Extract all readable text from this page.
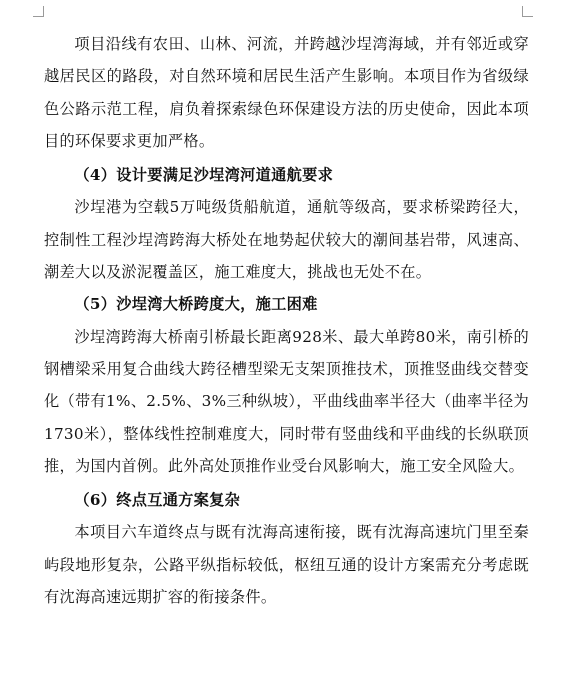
项目沿线有农田、山林、河流，并跨越沙埕湾海域，并有邻近或穿越居民区的路段，对自然环境和居民生活产生影响。本项目作为省级绿色公路示范工程，肩负着探索绿色环保建设方法的历史使命，因此本项目的环保要求更加严格。

（4）设计要满足沙埕湾河道通航要求

沙埕港为空载5万吨级货船航道，通航等级高，要求桥梁跨径大，控制性工程沙埕湾跨海大桥处在地势起伏较大的潮间基岩带，风速高、潮差大以及淤泥覆盖区，施工难度大，挑战也无处不在。

（5）沙埕湾大桥跨度大，施工困难

沙埕湾跨海大桥南引桥最长距离928米、最大单跨80米，南引桥的钢槽梁采用复合曲线大跨径槽型梁无支架顶推技术，顶推竖曲线交替变化（带有1%、2.5%、3%三种纵坡），平曲线曲率半径大（曲率半径为1730米），整体线性控制难度大，同时带有竖曲线和平曲线的长纵联顶推，为国内首例。此外高处顶推作业受台风影响大，施工安全风险大。

（6）终点互通方案复杂

本项目六车道终点与既有沈海高速衔接，既有沈海高速坑门里至秦屿段地形复杂，公路平纵指标较低，枢纽互通的设计方案需充分考虑既有沈海高速远期扩容的衔接条件。
